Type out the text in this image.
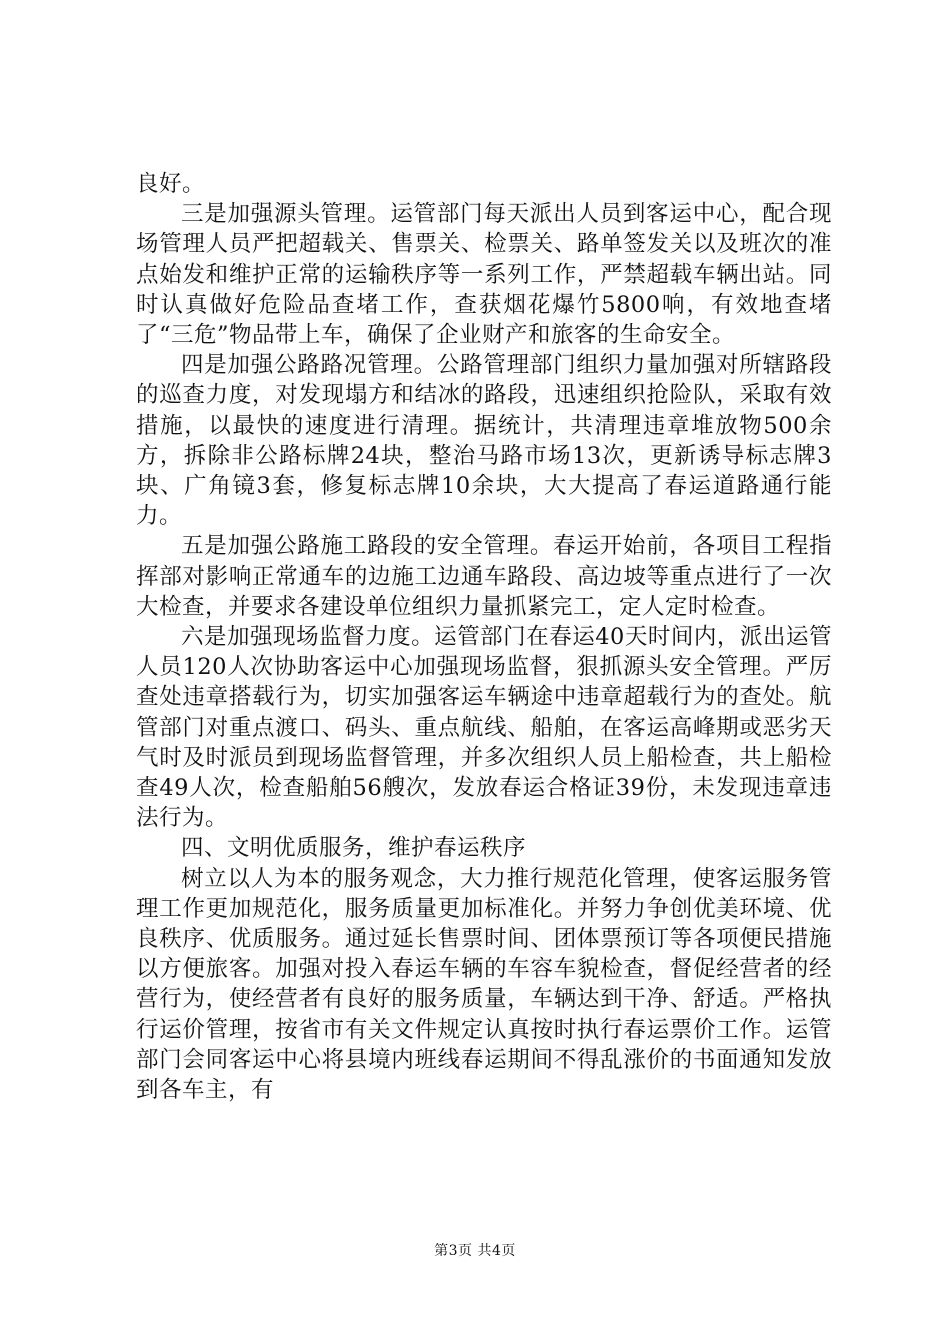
良好。

三是加强源头管理。运管部门每天派出人员到客运中心，配合现场管理人员严把超载关、售票关、检票关、路单签发关以及班次的准点始发和维护正常的运输秩序等一系列工作，严禁超载车辆出站。同时认真做好危险品查堵工作，查获烟花爆竹5800响，有效地查堵了“三危”物品带上车，确保了企业财产和旅客的生命安全。

四是加强公路路况管理。公路管理部门组织力量加强对所辖路段的巡查力度，对发现塌方和结冰的路段，迅速组织抢险队，采取有效措施，以最快的速度进行清理。据统计，共清理违章堆放物500余方，拆除非公路标牌24块，整治马路市场13次，更新诱导标志牌3块、广角镜3套，修复标志牌10余块，大大提高了春运道路通行能力。

五是加强公路施工路段的安全管理。春运开始前，各项目工程指挥部对影响正常通车的边施工边通车路段、高边坡等重点进行了一次大检查，并要求各建设单位组织力量抓紧完工，定人定时检查。

六是加强现场监督力度。运管部门在春运40天时间内，派出运管人员120人次协助客运中心加强现场监督，狠抓源头安全管理。严厉查处违章搭载行为，切实加强客运车辆途中违章超载行为的查处。航管部门对重点渡口、码头、重点航线、船舶，在客运高峰期或恶劣天气时及时派员到现场监督管理，并多次组织人员上船检查，共上船检查49人次，检查船舶56艘次，发放春运合格证39份，未发现违章违法行为。

四、文明优质服务，维护春运秩序

树立以人为本的服务观念，大力推行规范化管理，使客运服务管理工作更加规范化，服务质量更加标准化。并努力争创优美环境、优良秩序、优质服务。通过延长售票时间、团体票预订等各项便民措施以方便旅客。加强对投入春运车辆的车容车貌检查，督促经营者的经营行为，使经营者有良好的服务质量，车辆达到干净、舒适。严格执行运价管理，按省市有关文件规定认真按时执行春运票价工作。运管部门会同客运中心将县境内班线春运期间不得乱涨价的书面通知发放到各车主，有

第3页 共4页
